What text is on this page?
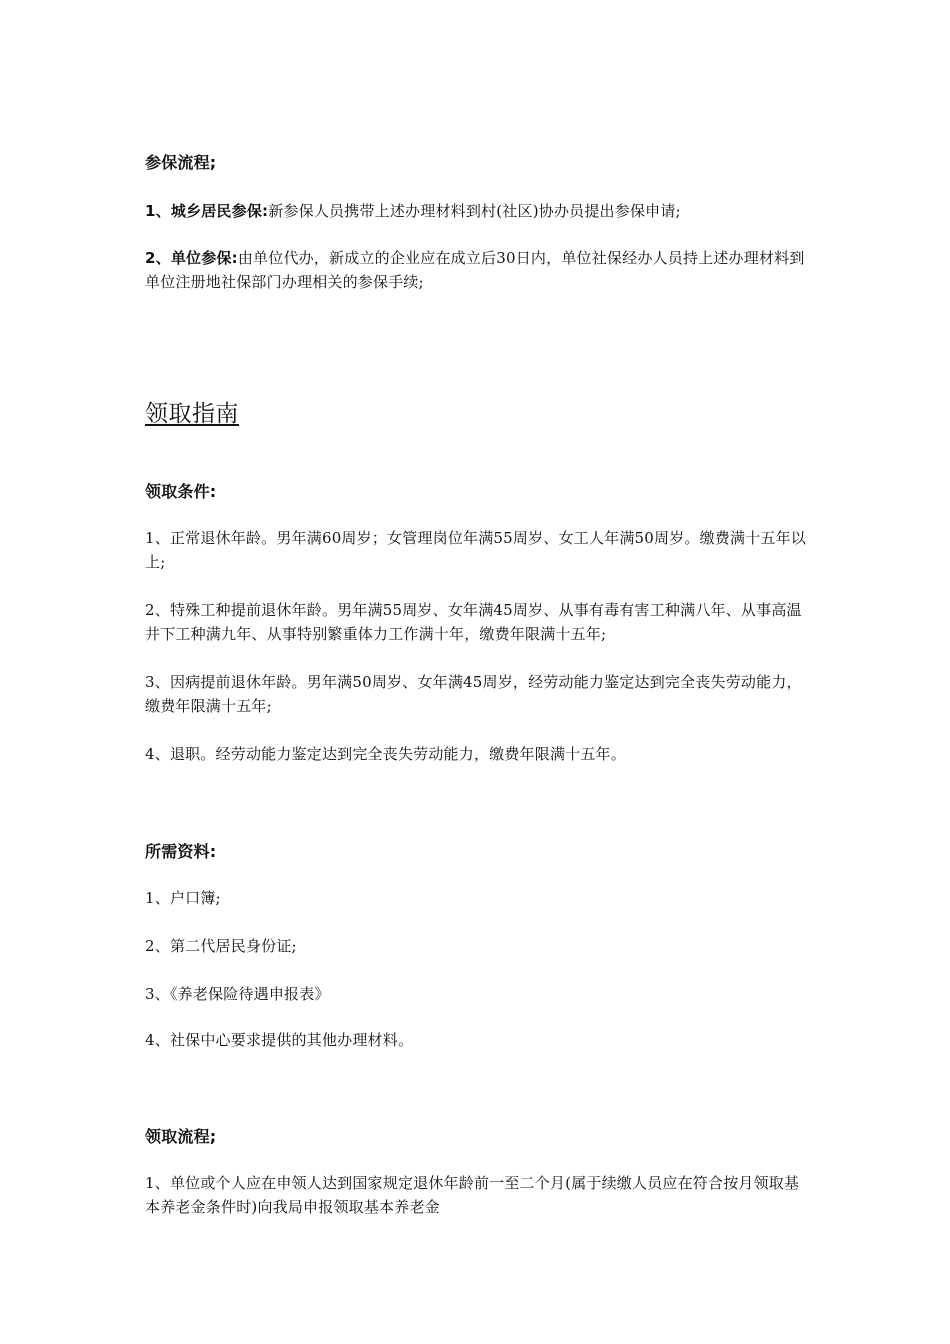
参保流程;
1、城乡居民参保:新参保人员携带上述办理材料到村(社区)协办员提出参保申请;
2、单位参保:由单位代办，新成立的企业应在成立后30日内，单位社保经办人员持上述办理材料到单位注册地社保部门办理相关的参保手续;
领取指南
领取条件:
1、正常退休年龄。男年满60周岁；女管理岗位年满55周岁、女工人年满50周岁。缴费满十五年以上;
2、特殊工种提前退休年龄。男年满55周岁、女年满45周岁、从事有毒有害工种满八年、从事高温井下工种满九年、从事特别繁重体力工作满十年，缴费年限满十五年;
3、因病提前退休年龄。男年满50周岁、女年满45周岁，经劳动能力鉴定达到完全丧失劳动能力，缴费年限满十五年;
4、退职。经劳动能力鉴定达到完全丧失劳动能力，缴费年限满十五年。
所需资料:
1、户口簿;
2、第二代居民身份证;
3、《养老保险待遇申报表》
4、社保中心要求提供的其他办理材料。
领取流程;
1、单位或个人应在申领人达到国家规定退休年龄前一至二个月(属于续缴人员应在符合按月领取基本养老金条件时)向我局申报领取基本养老金
